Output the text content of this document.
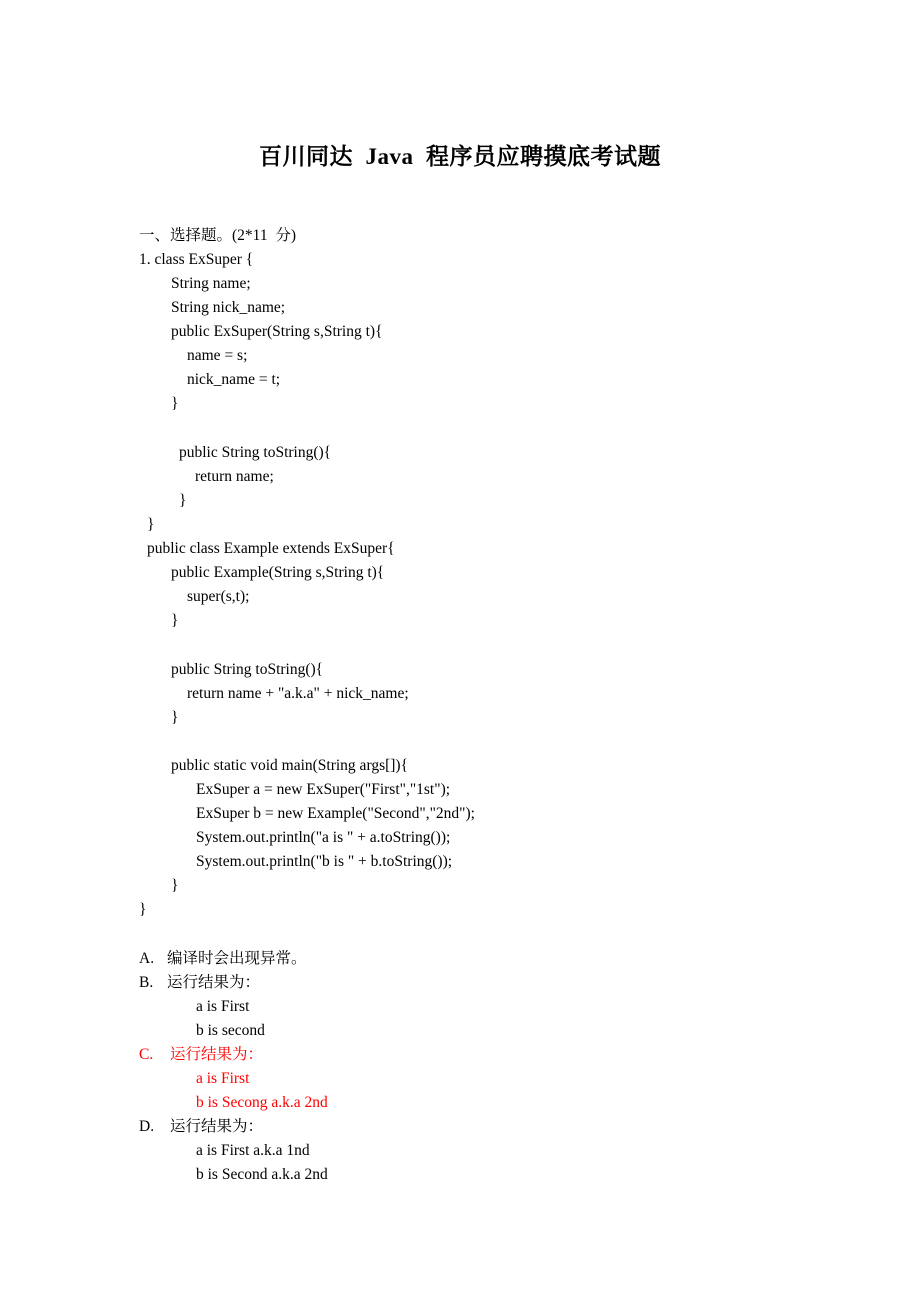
百川同达  Java  程序员应聘摸底考试题
一、选择题。(2*11  分)
1. class ExSuper {
String name;
String nick_name;
public ExSuper(String s,String t){
name = s;
nick_name = t;
}
public String toString(){
return name;
}
}
public class Example extends ExSuper{
public Example(String s,String t){
super(s,t);
}
public String toString(){
return name + "a.k.a" + nick_name;
}
public static void main(String args[]){
ExSuper a = new ExSuper("First","1st");
ExSuper b = new Example("Second","2nd");
System.out.println("a is " + a.toString());
System.out.println("b is " + b.toString());
}
}
A. 编译时会出现异常。
B. 运行结果为：
a is First
b is second
C. 运行结果为：
a is First
b is Secong a.k.a 2nd
D. 运行结果为：
a is First a.k.a 1nd
b is Second a.k.a 2nd
